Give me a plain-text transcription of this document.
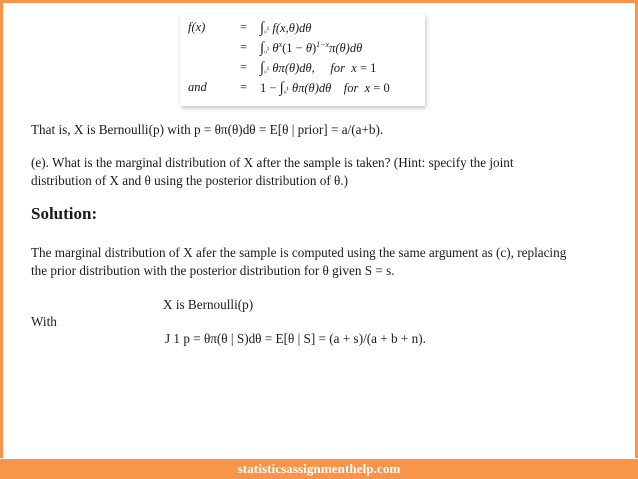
f(x)	= ∫₀¹ f(x,θ)dθ
= ∫₀¹ $\theta^x(1 - \theta)^{1-x}\pi(\theta)d\theta$
= ∫₀¹ θπ(θ)dθ,     for  x = 1
and	= 1 − ∫₀¹ θπ(θ)dθ    for  x = 0

That is, X is Bernoulli(p) with p = θπ(θ)dθ = E[θ | prior] = a/(a+b).

(e). What is the marginal distribution of X after the sample is taken? (Hint: specify the joint

distribution of X and θ using the posterior distribution of θ.)

Solution:

The marginal distribution of X afer the sample is computed using the same argument as (c), replacing

the prior distribution with the posterior distribution for θ given S = s.

X is Bernoulli(p)

With

J 1 p = θπ(θ | S)dθ = E[θ | S] = (a + s)/(a + b + n).

statisticsassignmenthelp.com
